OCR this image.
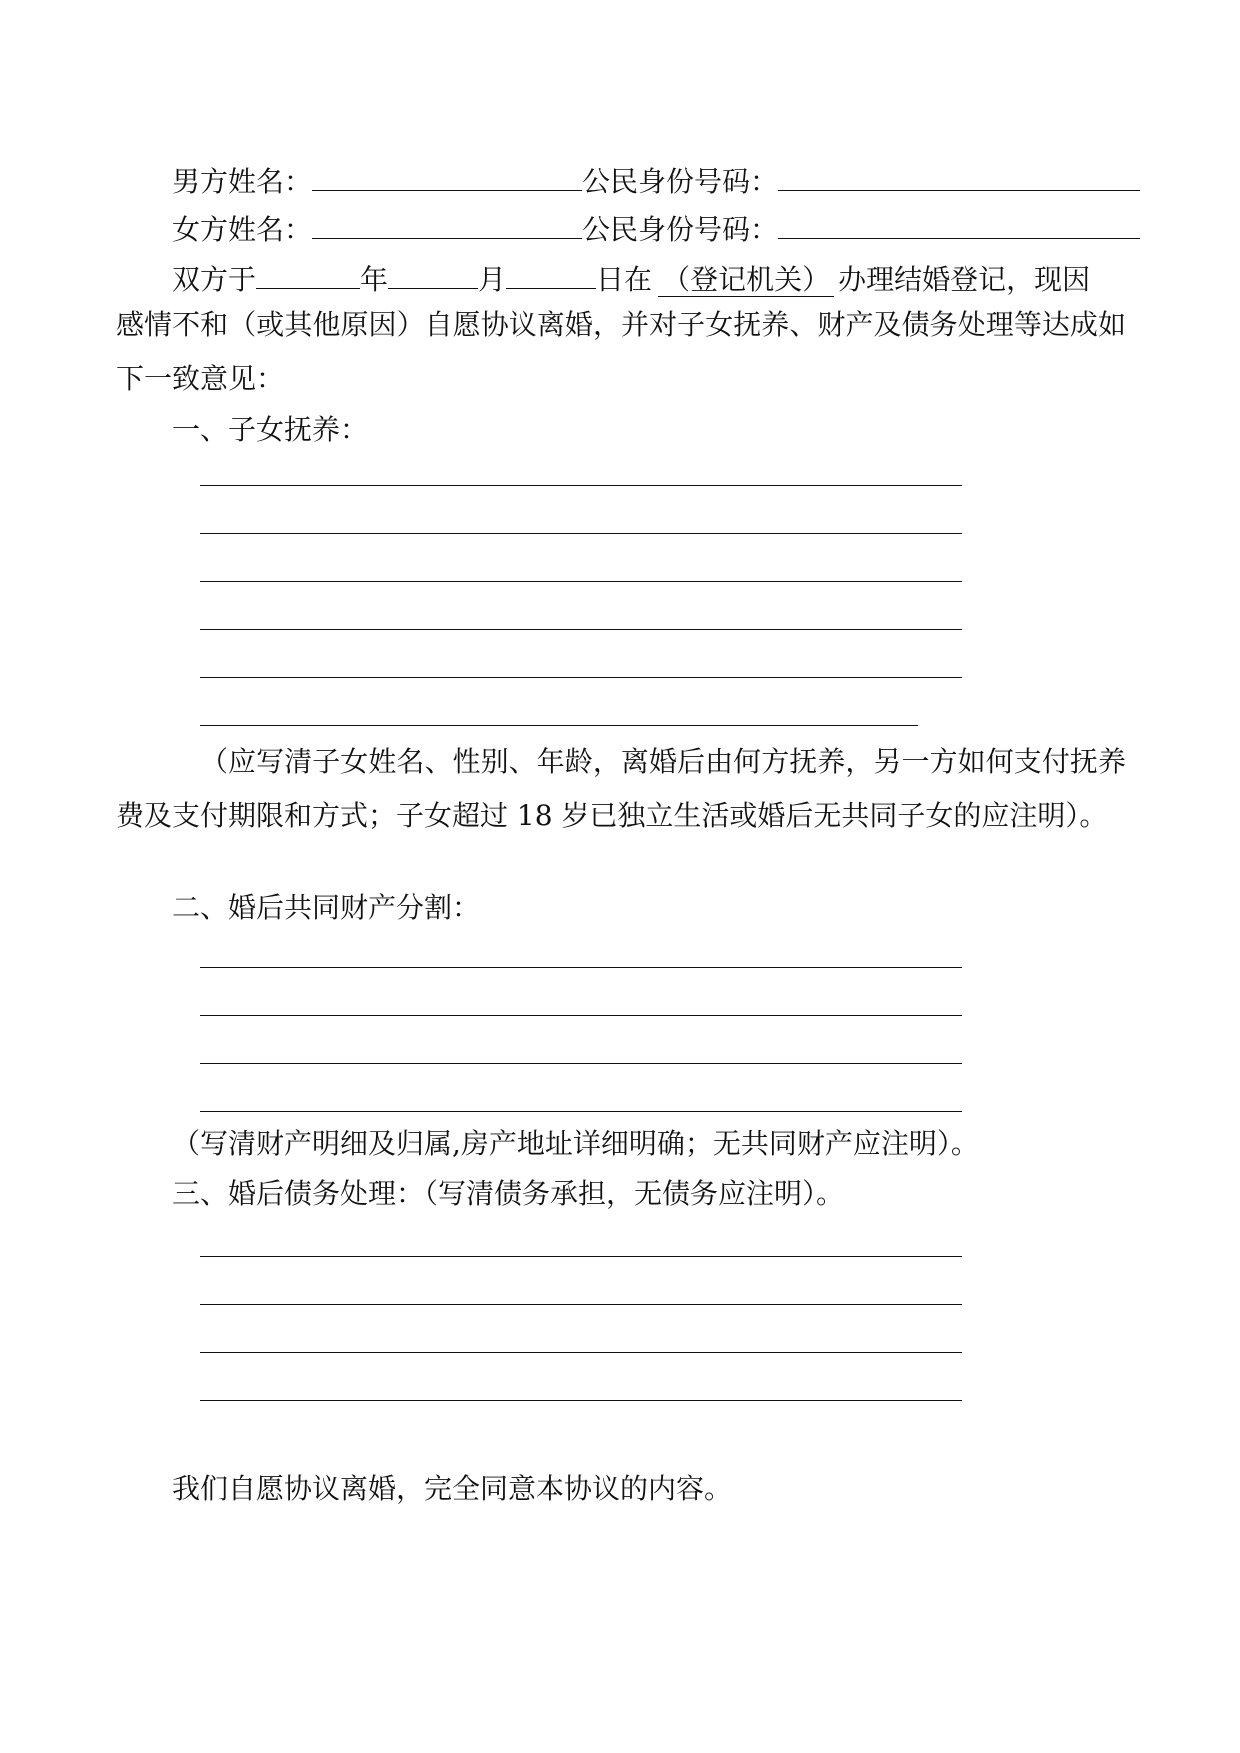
男方姓名：	公民身份号码：
女方姓名：	公民身份号码：
双方于	年	月	日在 （登记机关） 办理结婚登记，现因
感情不和（或其他原因）自愿协议离婚，并对子女抚养、财产及债务处理等达成如下一致意见：
一、子女抚养：
（应写清子女姓名、性别、年龄，离婚后由何方抚养，另一方如何支付抚养费及支付期限和方式；子女超过 18 岁已独立生活或婚后无共同子女的应注明）。
二、婚后共同财产分割：
（写清财产明细及归属,房产地址详细明确；无共同财产应注明）。
三、婚后债务处理：（写清债务承担，无债务应注明）。
我们自愿协议离婚，完全同意本协议的内容。
